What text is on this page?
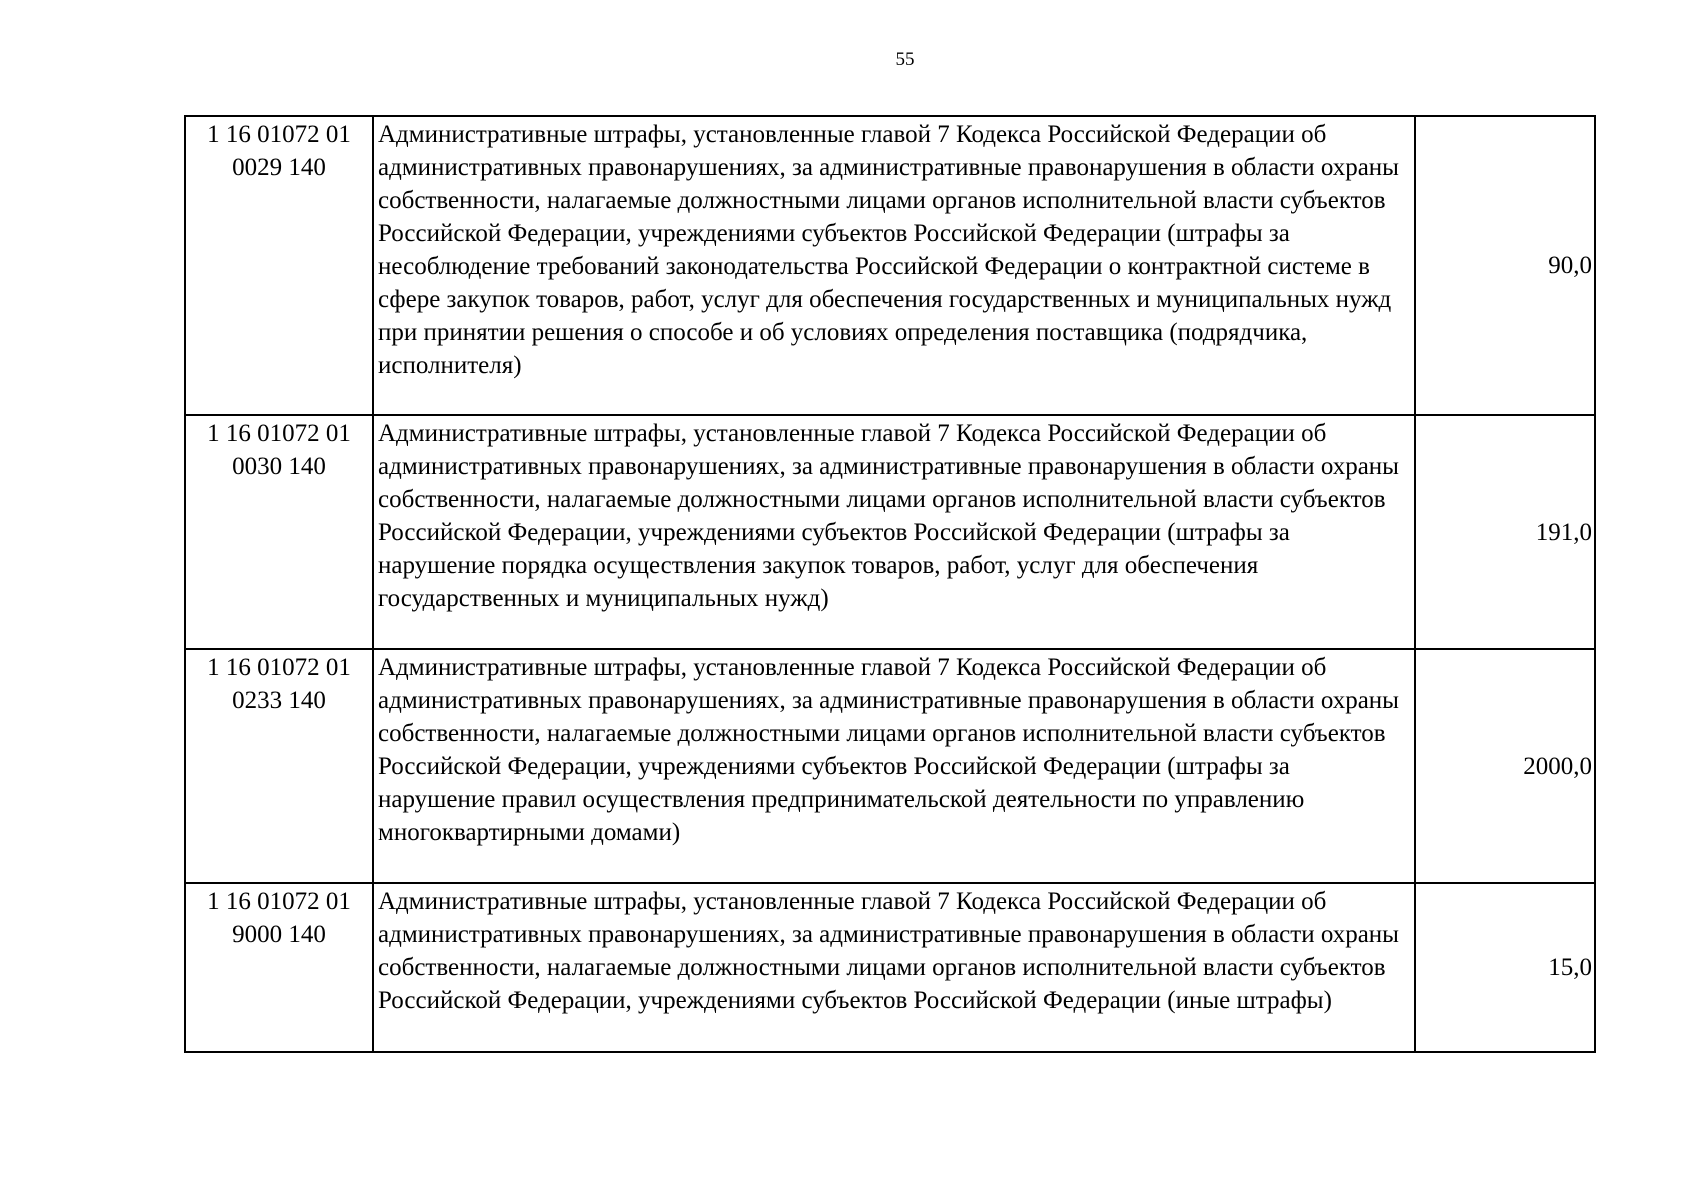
55
1 16 01072 01
0029 140	Административные штрафы, установленные главой 7 Кодекса Российской Федерации об административных правонарушениях, за административные правонарушения в области охраны собственности, налагаемые должностными лицами органов исполнительной власти субъектов Российской Федерации, учреждениями субъектов Российской Федерации (штрафы за несоблюдение требований законодательства Российской Федерации о контрактной системе в сфере закупок товаров, работ, услуг для обеспечения государственных и муниципальных нужд при принятии решения о способе и об условиях определения поставщика (подрядчика, исполнителя)	90,0

1 16 01072 01
0030 140	Административные штрафы, установленные главой 7 Кодекса Российской Федерации об административных правонарушениях, за административные правонарушения в области охраны собственности, налагаемые должностными лицами органов исполнительной власти субъектов Российской Федерации, учреждениями субъектов Российской Федерации (штрафы за нарушение порядка осуществления закупок товаров, работ, услуг для обеспечения государственных и муниципальных нужд)	191,0

1 16 01072 01
0233 140	Административные штрафы, установленные главой 7 Кодекса Российской Федерации об административных правонарушениях, за административные правонарушения в области охраны собственности, налагаемые должностными лицами органов исполнительной власти субъектов Российской Федерации, учреждениями субъектов Российской Федерации (штрафы за нарушение правил осуществления предпринимательской деятельности по управлению многоквартирными домами)	2000,0

1 16 01072 01
9000 140	Административные штрафы, установленные главой 7 Кодекса Российской Федерации об административных правонарушениях, за административные правонарушения в области охраны собственности, налагаемые должностными лицами органов исполнительной власти субъектов Российской Федерации, учреждениями субъектов Российской Федерации (иные штрафы)	15,0
